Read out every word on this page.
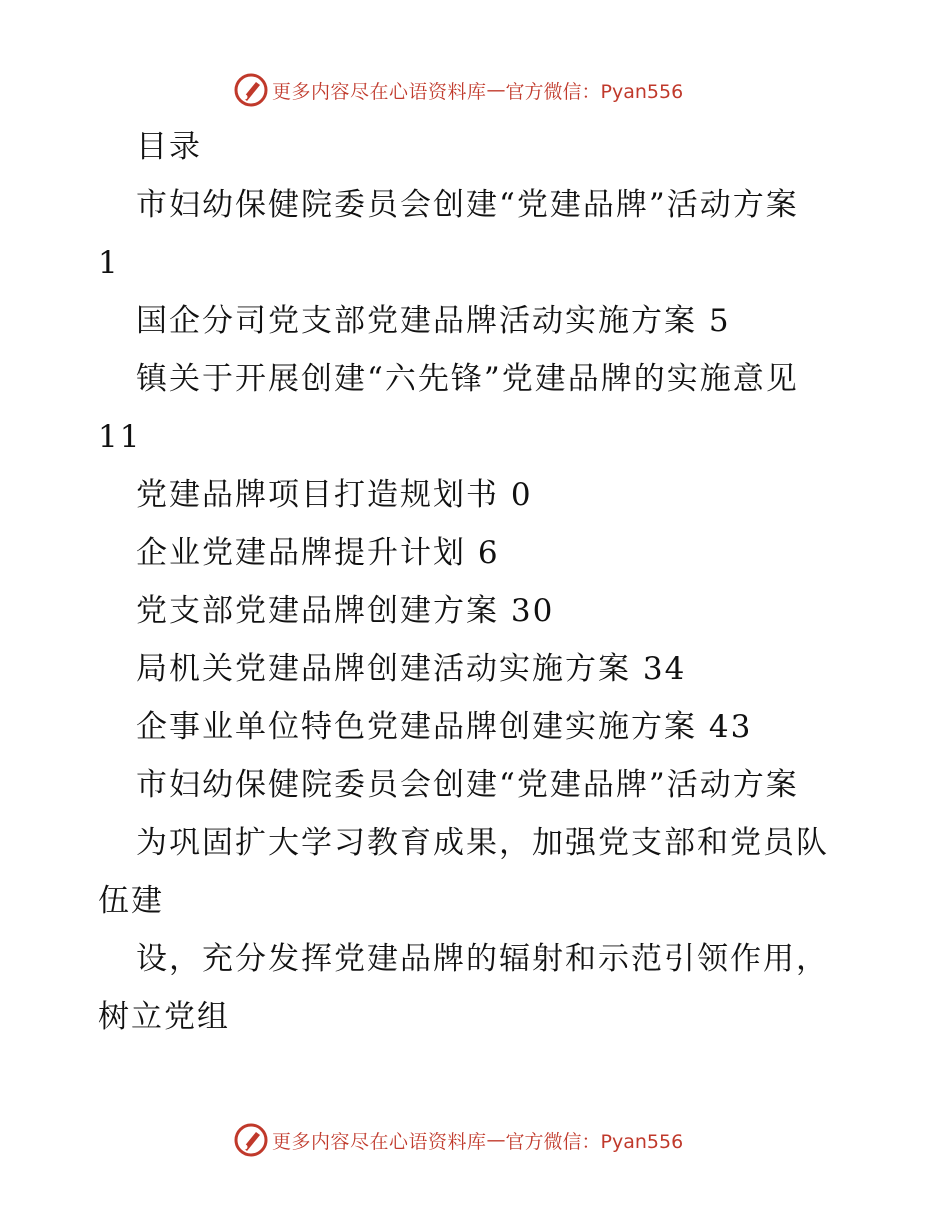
更多内容尽在心语资料库 — 官方微信：Pyan556
目录
市妇幼保健院委员会创建“党建品牌”活动方案
1
国企分司党支部党建品牌活动实施方案 5
镇关于开展创建“六先锋”党建品牌的实施意见
11
党建品牌项目打造规划书 0
企业党建品牌提升计划 6
党支部党建品牌创建方案 30
局机关党建品牌创建活动实施方案 34
企事业单位特色党建品牌创建实施方案 43
市妇幼保健院委员会创建“党建品牌”活动方案
为巩固扩大学习教育成果，加强党支部和党员队
伍建
设，充分发挥党建品牌的辐射和示范引领作用，
树立党组
更多内容尽在心语资料库 — 官方微信：Pyan556
